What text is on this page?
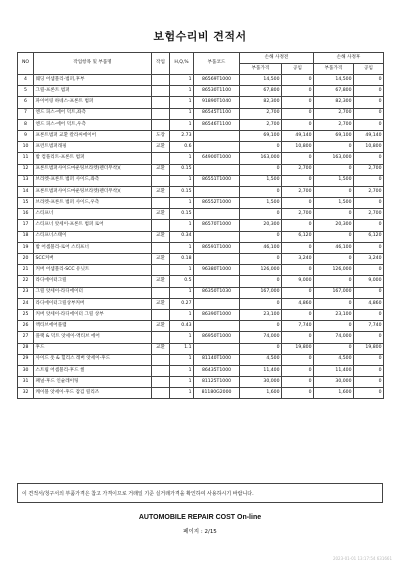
보험수리비 견적서
NO	작업항목 및 부품명	작업	H,Q,%	부품코드	손해 사정전		손해 사정후	
					부품가격	공임	부품가격	공임
4	웨딩 어셈블리-범퍼,후부		1	86569T1000	14,500	0	14,500	0
5	그릴-프론트 범퍼		1	86530T1100	67,800	0	67,800	0
6	파이어링 하네스-프론트 범퍼		1	91890T1040	82,300	0	82,300	0
7	엔드 피스-에어 덕트,좌측		1	86545T1100	2,700	0	2,700	0
8	엔드 피스-에어 덕트,우측		1	86546T1100	2,700	0	2,700	0
9	프론트범퍼 교환 칼라씨에이어	도장	2.73		69,100	49,140	69,100	49,140
10	프런트범퍼래핑	교환	0.6		0	10,800	0	10,800
11	밤 컴플리트-프론트 범퍼		1	64900T1000	163,000	0	163,000	0
12	프론트범퍼사이드마운팅브라켓(펜더무착)(	교환	0.15		0	2,700	0	2,700
13	브라켓-프론트 범퍼 사이드,좌측		1	86551T1000	1,500	0	1,500	0
14	프론트범퍼사이드마운팅브라켓(펜더무착)(	교환	0.15		0	2,700	0	2,700
15	브라켓-프론트 범퍼 사이드,우측		1	86552T1000	1,500	0	1,500	0
16	스티프너	교환	0.15		0	2,700	0	2,700
17	스티프너 앗세이-프론트 범퍼 로어		1	86570T1000	20,300	0	20,300	0
18	스티프너스태이	교환	0.34		0	6,120	0	6,120
19	밤 어셈블리-로어 스티프너		1	86591T1000	46,100	0	46,100	0
20	SCC커버	교환	0.18		0	3,240	0	3,240
21	커버 어셈블리-SCC 유닛트		1	96380T1000	126,000	0	126,000	0
22	라디에이터그릴	교환	0.5		0	9,000	0	9,000
23	그릴 앗세이-라디에이터		1	86350T1030	167,000	0	167,000	0
24	라디에이터그릴상부커버	교환	0.27		0	4,860	0	4,860
25	커버 앗세이-라디에이터 그릴 상부		1	86390T1000	23,100	0	23,100	0
26	액티브에어플랩	교환	0.43		0	7,740	0	7,740
27	플랙 & 덕트 앗세이-액티브 에어		1	86950T1000	74,000	0	74,000	0
28	후드	교환	1.1		0	19,800	0	19,800
29	사이드 옷 & 힐리스 레버 앗세이-후드		1	81140T1000	4,500	0	4,500	0
30	스트립 어셈블리-후드 씰		1	86435T1000	11,400	0	11,400	0
31	패널-후드 인슐레이팅		1	81125T1000	30,000	0	30,000	0
32	케이블 앗세이-후드 잠김 릴리즈		1	81180G2000	1,600	0	1,600	0
이 견적서/청구서의 부품가격은 참고 가격이므로 거래일 기준 실거래가격을 확인하여 사용하시기 바랍니다.
AUTOMOBILE REPAIR COST On-line
페이지 : 2/15
2023-01-01 13:17:54 631661
